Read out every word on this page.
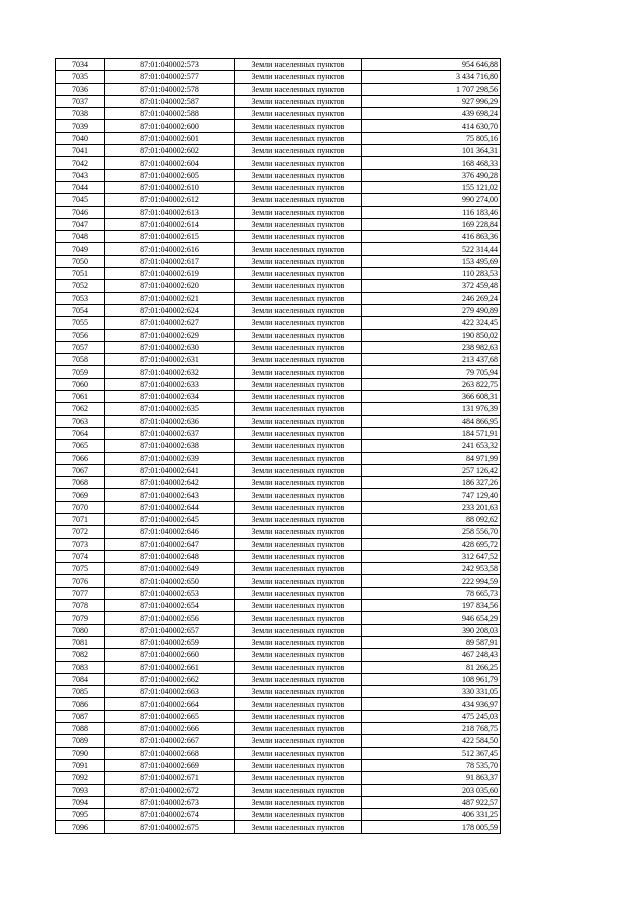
7034	87:01:040002:573	Земли населенных пунктов	954 646,88
7035	87:01:040002:577	Земли населенных пунктов	3 434 716,80
7036	87:01:040002:578	Земли населенных пунктов	1 707 298,56
7037	87:01:040002:587	Земли населенных пунктов	927 996,29
7038	87:01:040002:588	Земли населенных пунктов	439 698,24
7039	87:01:040002:600	Земли населенных пунктов	414 630,70
7040	87:01:040002:601	Земли населенных пунктов	75 805,16
7041	87:01:040002:602	Земли населенных пунктов	101 364,31
7042	87:01:040002:604	Земли населенных пунктов	168 468,33
7043	87:01:040002:605	Земли населенных пунктов	376 490,28
7044	87:01:040002:610	Земли населенных пунктов	155 121,02
7045	87:01:040002:612	Земли населенных пунктов	990 274,00
7046	87:01:040002:613	Земли населенных пунктов	116 183,46
7047	87:01:040002:614	Земли населенных пунктов	169 228,84
7048	87:01:040002:615	Земли населенных пунктов	416 863,36
7049	87:01:040002:616	Земли населенных пунктов	522 314,44
7050	87:01:040002:617	Земли населенных пунктов	153 495,69
7051	87:01:040002:619	Земли населенных пунктов	110 283,53
7052	87:01:040002:620	Земли населенных пунктов	372 459,48
7053	87:01:040002:621	Земли населенных пунктов	246 269,24
7054	87:01:040002:624	Земли населенных пунктов	279 490,89
7055	87:01:040002:627	Земли населенных пунктов	422 324,45
7056	87:01:040002:629	Земли населенных пунктов	190 850,02
7057	87:01:040002:630	Земли населенных пунктов	238 982,63
7058	87:01:040002:631	Земли населенных пунктов	213 437,68
7059	87:01:040002:632	Земли населенных пунктов	79 705,94
7060	87:01:040002:633	Земли населенных пунктов	263 822,75
7061	87:01:040002:634	Земли населенных пунктов	366 608,31
7062	87:01:040002:635	Земли населенных пунктов	131 976,39
7063	87:01:040002:636	Земли населенных пунктов	484 866,95
7064	87:01:040002:637	Земли населенных пунктов	184 571,91
7065	87:01:040002:638	Земли населенных пунктов	241 653,32
7066	87:01:040002:639	Земли населенных пунктов	84 971,99
7067	87:01:040002:641	Земли населенных пунктов	257 126,42
7068	87:01:040002:642	Земли населенных пунктов	186 327,26
7069	87:01:040002:643	Земли населенных пунктов	747 129,40
7070	87:01:040002:644	Земли населенных пунктов	233 201,63
7071	87:01:040002:645	Земли населенных пунктов	88 092,62
7072	87:01:040002:646	Земли населенных пунктов	258 556,70
7073	87:01:040002:647	Земли населенных пунктов	428 695,72
7074	87:01:040002:648	Земли населенных пунктов	312 647,52
7075	87:01:040002:649	Земли населенных пунктов	242 953,58
7076	87:01:040002:650	Земли населенных пунктов	222 994,59
7077	87:01:040002:653	Земли населенных пунктов	78 665,73
7078	87:01:040002:654	Земли населенных пунктов	197 834,56
7079	87:01:040002:656	Земли населенных пунктов	946 654,29
7080	87:01:040002:657	Земли населенных пунктов	390 208,03
7081	87:01:040002:659	Земли населенных пунктов	89 587,91
7082	87:01:040002:660	Земли населенных пунктов	467 248,43
7083	87:01:040002:661	Земли населенных пунктов	81 266,25
7084	87:01:040002:662	Земли населенных пунктов	108 961,79
7085	87:01:040002:663	Земли населенных пунктов	330 331,05
7086	87:01:040002:664	Земли населенных пунктов	434 936,97
7087	87:01:040002:665	Земли населенных пунктов	475 245,03
7088	87:01:040002:666	Земли населенных пунктов	218 768,75
7089	87:01:040002:667	Земли населенных пунктов	422 584,50
7090	87:01:040002:668	Земли населенных пунктов	512 367,45
7091	87:01:040002:669	Земли населенных пунктов	78 535,70
7092	87:01:040002:671	Земли населенных пунктов	91 863,37
7093	87:01:040002:672	Земли населенных пунктов	203 035,60
7094	87:01:040002:673	Земли населенных пунктов	487 922,57
7095	87:01:040002:674	Земли населенных пунктов	406 331,25
7096	87:01:040002:675	Земли населенных пунктов	178 005,59
